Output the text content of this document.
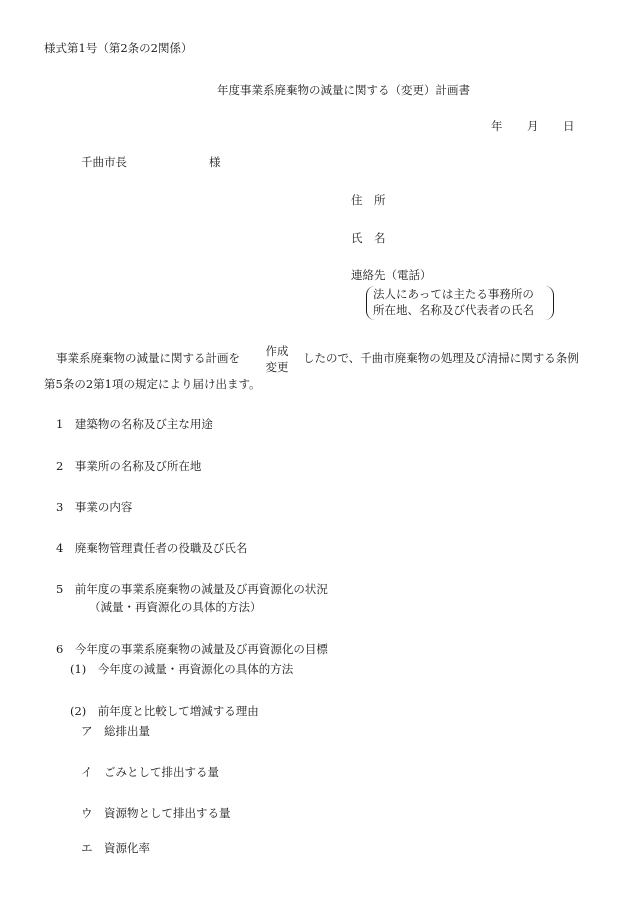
様式第1号（第2条の2関係）
年度事業系廃棄物の減量に関する（変更）計画書
年 月 日
千曲市長	様
住　所
氏　名
連絡先（電話）
法人にあっては主たる事務所の
所在地、名称及び代表者の氏名
事業系廃棄物の減量に関する計画を	作成
変更
したので、千曲市廃棄物の処理及び清掃に関する条例
第5条の2第1項の規定により届け出ます。
1　建築物の名称及び主な用途
2　事業所の名称及び所在地
3　事業の内容
4　廃棄物管理責任者の役職及び氏名
5　前年度の事業系廃棄物の減量及び再資源化の状況
（減量・再資源化の具体的方法）
6　今年度の事業系廃棄物の減量及び再資源化の目標
(1)　今年度の減量・再資源化の具体的方法
(2)　前年度と比較して増減する理由
ア　総排出量
イ　ごみとして排出する量
ウ　資源物として排出する量
エ　資源化率
